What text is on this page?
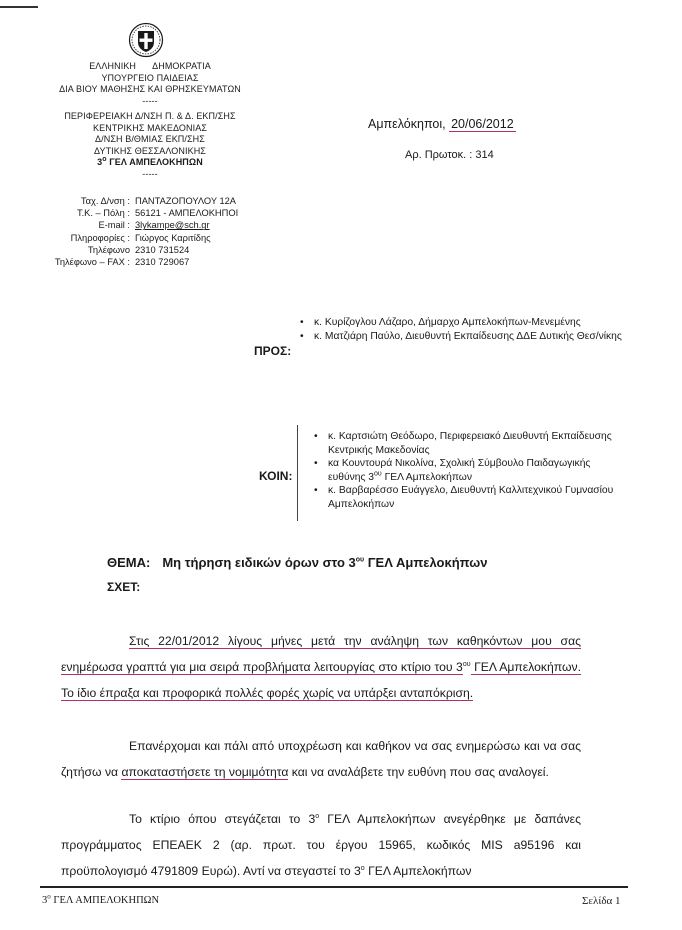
ΕΛΛΗΝΙΚΗ ΔΗΜΟΚΡΑΤΙΑ
ΥΠΟΥΡΓΕΙΟ ΠΑΙΔΕΙΑΣ
ΔΙΑ ΒΙΟΥ ΜΑΘΗΣΗΣ ΚΑΙ ΘΡΗΣΚΕΥΜΑΤΩΝ
-----
ΠΕΡΙΦΕΡΕΙΑΚΗ Δ/ΝΣΗ Π. & Δ. ΕΚΠ/ΣΗΣ
ΚΕΝΤΡΙΚΗΣ ΜΑΚΕΔΟΝΙΑΣ
Δ/ΝΣΗ Β/ΘΜΙΑΣ ΕΚΠ/ΣΗΣ
ΔΥΤΙΚΗΣ ΘΕΣΣΑΛΟΝΙΚΗΣ
$3^o$ ΓΕΛ ΑΜΠΕΛΟΚΗΠΩΝ
-----
Ταχ. Δ/νση : ΠΑΝΤΑΖΟΠΟΥΛΟΥ 12Α
Τ.Κ. – Πόλη : 56121 - ΑΜΠΕΛΟΚΗΠΟΙ
E-mail : 3lykampe@sch.gr
Πληροφορίες : Γιώργος Καριτίδης
Τηλέφωνο 2310 731524
Τηλέφωνο – FAX : 2310 729067
Αμπελόκηποι, 20/06/2012
Αρ. Πρωτοκ. : 314
ΠΡΟΣ:
• κ. Κυρίζογλου Λάζαρο, Δήμαρχο Αμπελοκήπων-Μενεμένης
• κ. Ματζιάρη Παύλο, Διευθυντή Εκπαίδευσης ΔΔΕ Δυτικής Θεσ/νίκης
ΚΟΙΝ:
• κ. Καρτσιώτη Θεόδωρο, Περιφερειακό Διευθυντή Εκπαίδευσης Κεντρικής Μακεδονίας
• κα Κουντουρά Νικολίνα, Σχολική Σύμβουλο Παιδαγωγικής ευθύνης $3^{o\upsilon}$ ΓΕΛ Αμπελοκήπων
• κ. Βαρβαρέσσο Ευάγγελο, Διευθυντή Καλλιτεχνικού Γυμνασίου Αμπελοκήπων
ΘΕΜΑ: Μη τήρηση ειδικών όρων στο $3^{o\upsilon}$ ΓΕΛ Αμπελοκήπων
ΣΧΕΤ:
Στις 22/01/2012 λίγους μήνες μετά την ανάληψη των καθηκόντων μου σας ενημέρωσα γραπτά για μια σειρά προβλήματα λειτουργίας στο κτίριο του $3^{o\upsilon}$ ΓΕΛ Αμπελοκήπων. Το ίδιο έπραξα και προφορικά πολλές φορές χωρίς να υπάρξει ανταπόκριση.
Επανέρχομαι και πάλι από υποχρέωση και καθήκον να σας ενημερώσω και να σας ζητήσω να αποκαταστήσετε τη νομιμότητα και να αναλάβετε την ευθύνη που σας αναλογεί.
Το κτίριο όπου στεγάζεται το $3^o$ ΓΕΛ Αμπελοκήπων ανεγέρθηκε με δαπάνες προγράμματος ΕΠΕΑΕΚ 2 (αρ. πρωτ. του έργου 15965, κωδικός MIS a95196 και προϋπολογισμό 4791809 Ευρώ). Αντί να στεγαστεί το $3^o$ ΓΕΛ Αμπελοκήπων
$3^o$ ΓΕΛ ΑΜΠΕΛΟΚΗΠΩΝ	Σελίδα 1
